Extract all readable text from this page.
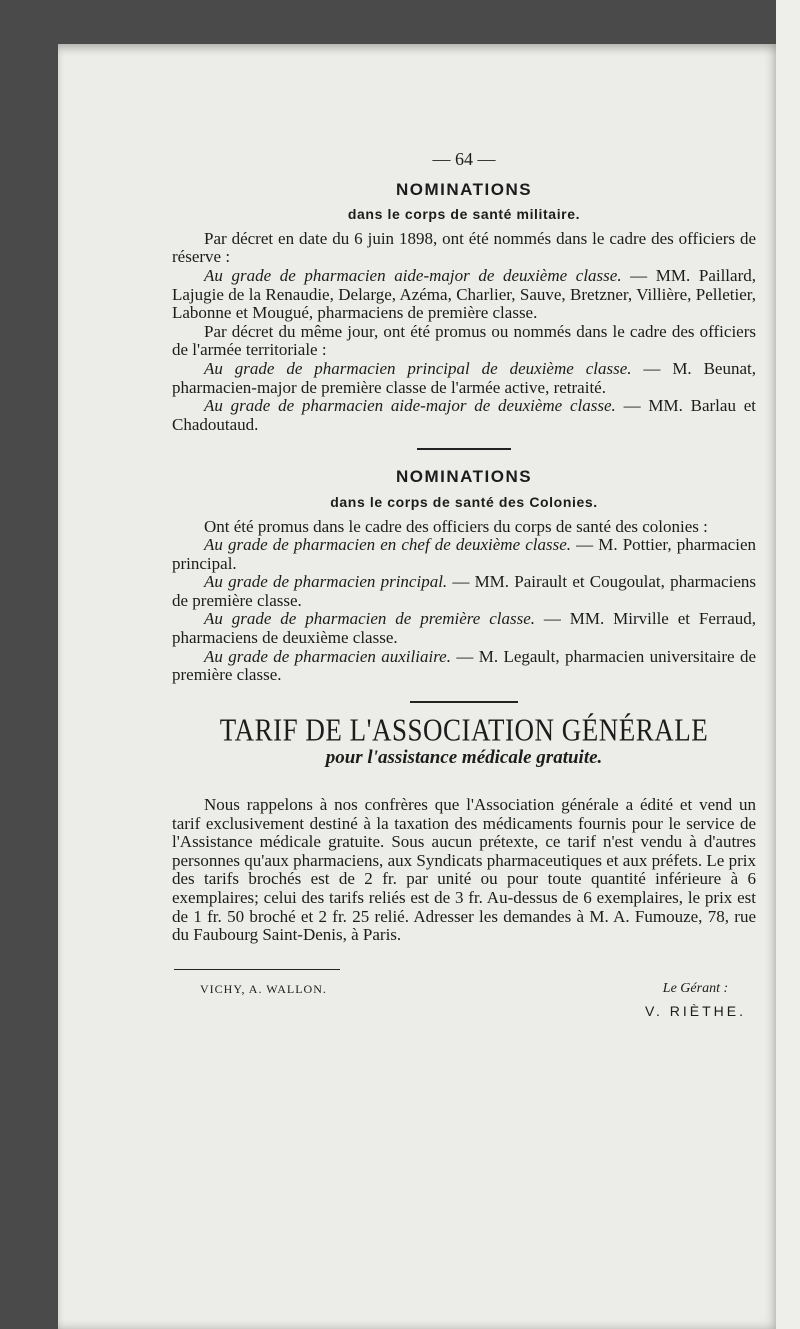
— 64 —
NOMINATIONS
dans le corps de santé militaire.

Par décret en date du 6 juin 1898, ont été nommés dans le cadre des officiers de réserve :

Au grade de pharmacien aide-major de deuxième classe. — MM. Paillard, Lajugie de la Renaudie, Delarge, Azéma, Charlier, Sauve, Bretzner, Villière, Pelletier, Labonne et Mougué, pharmaciens de première classe.

Par décret du même jour, ont été promus ou nommés dans le cadre des officiers de l'armée territoriale :

Au grade de pharmacien principal de deuxième classe. — M. Beunat, pharmacien-major de première classe de l'armée active, retraité.

Au grade de pharmacien aide-major de deuxième classe. — MM. Barlau et Chadoutaud.

NOMINATIONS
dans le corps de santé des Colonies.

Ont été promus dans le cadre des officiers du corps de santé des colonies :

Au grade de pharmacien en chef de deuxième classe. — M. Pottier, pharmacien principal.

Au grade de pharmacien principal. — MM. Pairault et Cougoulat, pharmaciens de première classe.

Au grade de pharmacien de première classe. — MM. Mirville et Ferraud, pharmaciens de deuxième classe.

Au grade de pharmacien auxiliaire. — M. Legault, pharmacien universitaire de première classe.

TARIF DE L'ASSOCIATION GÉNÉRALE
pour l'assistance médicale gratuite.

Nous rappelons à nos confrères que l'Association générale a édité et vend un tarif exclusivement destiné à la taxation des médicaments fournis pour le service de l'Assistance médicale gratuite. Sous aucun prétexte, ce tarif n'est vendu à d'autres personnes qu'aux pharmaciens, aux Syndicats pharmaceutiques et aux préfets. Le prix des tarifs brochés est de 2 fr. par unité ou pour toute quantité inférieure à 6 exemplaires; celui des tarifs reliés est de 3 fr. Au-dessus de 6 exemplaires, le prix est de 1 fr. 50 broché et 2 fr. 25 relié. Adresser les demandes à M. A. Fumouze, 78, rue du Faubourg Saint-Denis, à Paris.

VICHY, A. WALLON.	Le Gérant :
V. RIÈTHE.
